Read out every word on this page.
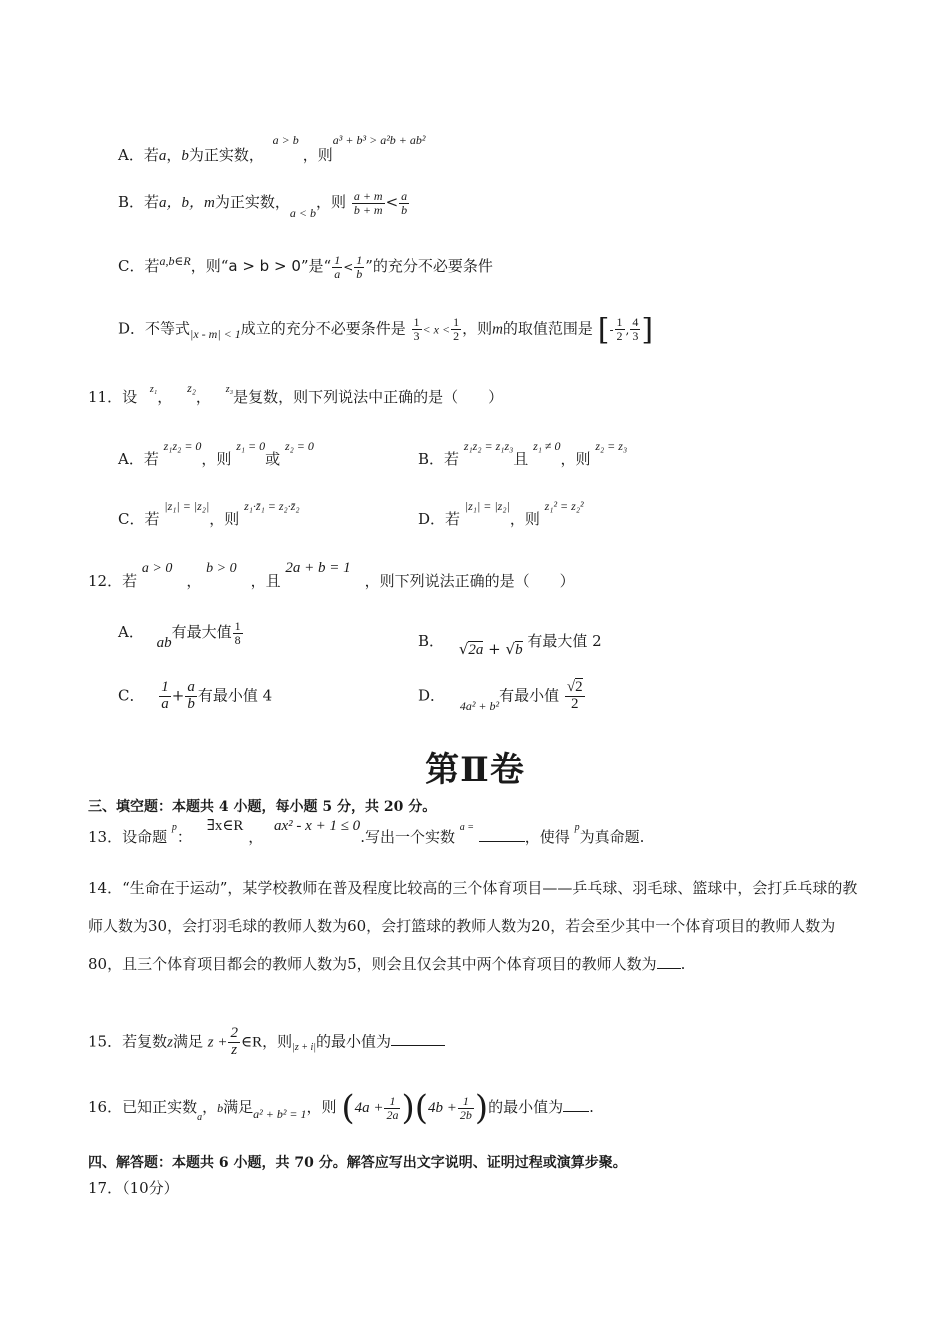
A．若a，b为正实数， a > b，则a³ + b³ > a²b + ab²
B．若a，b，m为正实数，$_{a < b}$，则 $\frac{a + m}{b + m} < \frac{a}{b}$
C．若$^{a,b\in R}$，则“a > b > 0”是“ $\frac{1}{a} < \frac{1}{b}$ ”的充分不必要条件
D．不等式$_{|x - m| < 1}$成立的充分不必要条件是 $\frac{1}{3} < x < \frac{1}{2}$ ，则m的取值范围是 [- $\frac{1}{2}$ , $\frac{4}{3}$ ]
11．设 z₁， z₂， z₃是复数，则下列说法中正确的是（　　）
A．若 z₁z₂ = 0，则 z₁ = 0或 z₂ = 0
B．若 z₁z₂ = z₁z₃且 z₁ ≠ 0，则 z₂ = z₃
C．若 |z₁| = |z₂|，则 z₁·z̄₁ = z₂·z̄₂
D．若 |z₁| = |z₂|，则 z₁² = z₂²
12．若 a > 0， b > 0，且 2a + b = 1，则下列说法正确的是（　　）
A． ab有最大值 $\frac{1}{8}$	B． √2a + √b 有最大值 2
C． $\frac{1}{a} + \frac{a}{b}$ 有最小值 4	D． $_{4a^2 + b^2}$有最小值 $\frac{√2}{2}$
第Ⅱ卷
三、填空题：本题共 4 小题，每小题 5 分，共 20 分。
13．设命题 p： ∃x∈R ， ax² - x + 1 ≤ 0.写出一个实数 a = ，使得 p为真命题.
14．“生命在于运动”，某学校教师在普及程度比较高的三个体育项目——乒乓球、羽毛球、篮球中，会打乒乓球的教师人数为30，会打羽毛球的教师人数为60，会打篮球的教师人数为20，若会至少其中一个体育项目的教师人数为80，且三个体育项目都会的教师人数为5，则会且仅会其中两个体育项目的教师人数为 .
15．若复数z满足 $z + \frac{2}{z}$ ∈R，则$_{|z + i|}$的最小值为
16．已知正实数$_a$，b满足$_{a^2 + b^2 = 1}$，则 $(4a + \frac{1}{2a} )(4b + \frac{1}{2b}$ )的最小值为 .
四、解答题：本题共 6 小题，共 70 分。解答应写出文字说明、证明过程或演算步聚。
17．（10分）
